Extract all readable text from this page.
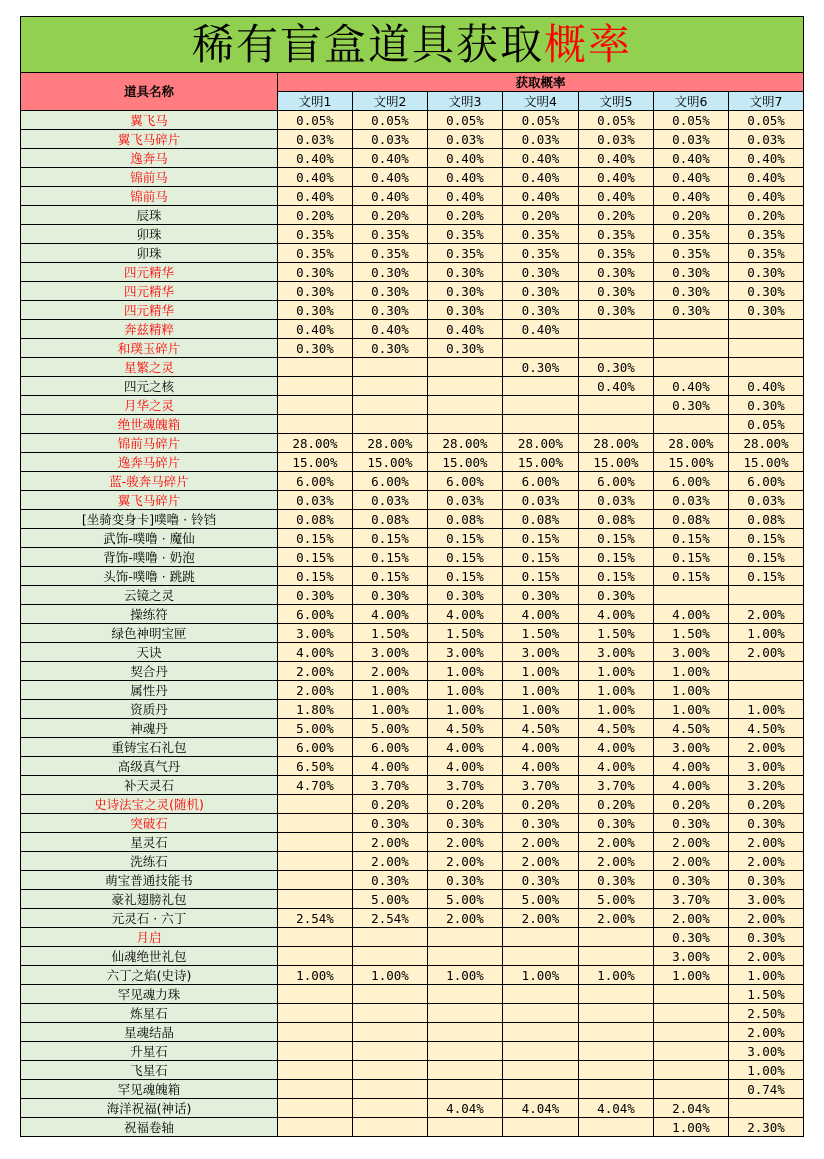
稀有盲盒道具获取概率							
道具名称	获取概率						
	文明1	文明2	文明3	文明4	文明5	文明6	文明7
翼飞马	0.05%	0.05%	0.05%	0.05%	0.05%	0.05%	0.05%
翼飞马碎片	0.03%	0.03%	0.03%	0.03%	0.03%	0.03%	0.03%
逸奔马	0.40%	0.40%	0.40%	0.40%	0.40%	0.40%	0.40%
锦前马	0.40%	0.40%	0.40%	0.40%	0.40%	0.40%	0.40%
锦前马	0.40%	0.40%	0.40%	0.40%	0.40%	0.40%	0.40%
辰珠	0.20%	0.20%	0.20%	0.20%	0.20%	0.20%	0.20%
卯珠	0.35%	0.35%	0.35%	0.35%	0.35%	0.35%	0.35%
卯珠	0.35%	0.35%	0.35%	0.35%	0.35%	0.35%	0.35%
四元精华	0.30%	0.30%	0.30%	0.30%	0.30%	0.30%	0.30%
四元精华	0.30%	0.30%	0.30%	0.30%	0.30%	0.30%	0.30%
四元精华	0.30%	0.30%	0.30%	0.30%	0.30%	0.30%	0.30%
奔兹精粹	0.40%	0.40%	0.40%	0.40%			
和璞玉碎片	0.30%	0.30%	0.30%				
星繁之灵				0.30%	0.30%		
四元之核					0.40%	0.40%	0.40%
月华之灵						0.30%	0.30%
绝世魂魄箱							0.05%
锦前马碎片	28.00%	28.00%	28.00%	28.00%	28.00%	28.00%	28.00%
逸奔马碎片	15.00%	15.00%	15.00%	15.00%	15.00%	15.00%	15.00%
蓝-骏奔马碎片	6.00%	6.00%	6.00%	6.00%	6.00%	6.00%	6.00%
翼飞马碎片	0.03%	0.03%	0.03%	0.03%	0.03%	0.03%	0.03%
[坐骑变身卡]噗噜 · 铃铛	0.08%	0.08%	0.08%	0.08%	0.08%	0.08%	0.08%
武饰-噗噜 · 魔仙	0.15%	0.15%	0.15%	0.15%	0.15%	0.15%	0.15%
背饰-噗噜 · 奶泡	0.15%	0.15%	0.15%	0.15%	0.15%	0.15%	0.15%
头饰-噗噜 · 跳跳	0.15%	0.15%	0.15%	0.15%	0.15%	0.15%	0.15%
云镜之灵	0.30%	0.30%	0.30%	0.30%	0.30%		
操练符	6.00%	4.00%	4.00%	4.00%	4.00%	4.00%	2.00%
绿色神明宝匣	3.00%	1.50%	1.50%	1.50%	1.50%	1.50%	1.00%
天诀	4.00%	3.00%	3.00%	3.00%	3.00%	3.00%	2.00%
契合丹	2.00%	2.00%	1.00%	1.00%	1.00%	1.00%	
属性丹	2.00%	1.00%	1.00%	1.00%	1.00%	1.00%	
资质丹	1.80%	1.00%	1.00%	1.00%	1.00%	1.00%	1.00%
神魂丹	5.00%	5.00%	4.50%	4.50%	4.50%	4.50%	4.50%
重铸宝石礼包	6.00%	6.00%	4.00%	4.00%	4.00%	3.00%	2.00%
高级真气丹	6.50%	4.00%	4.00%	4.00%	4.00%	4.00%	3.00%
补天灵石	4.70%	3.70%	3.70%	3.70%	3.70%	4.00%	3.20%
史诗法宝之灵(随机)		0.20%	0.20%	0.20%	0.20%	0.20%	0.20%
突破石		0.30%	0.30%	0.30%	0.30%	0.30%	0.30%
星灵石		2.00%	2.00%	2.00%	2.00%	2.00%	2.00%
洗练石		2.00%	2.00%	2.00%	2.00%	2.00%	2.00%
萌宝普通技能书		0.30%	0.30%	0.30%	0.30%	0.30%	0.30%
豪礼翅膀礼包		5.00%	5.00%	5.00%	5.00%	3.70%	3.00%
元灵石 · 六丁	2.54%	2.54%	2.00%	2.00%	2.00%	2.00%	2.00%
月启						0.30%	0.30%
仙魂绝世礼包						3.00%	2.00%
六丁之焰(史诗)	1.00%	1.00%	1.00%	1.00%	1.00%	1.00%	1.00%
罕见魂力珠							1.50%
炼星石							2.50%
星魂结晶							2.00%
升星石							3.00%
飞星石							1.00%
罕见魂魄箱							0.74%
海洋祝福(神话)			4.04%	4.04%	4.04%	2.04%	
祝福卷轴						1.00%	2.30%
